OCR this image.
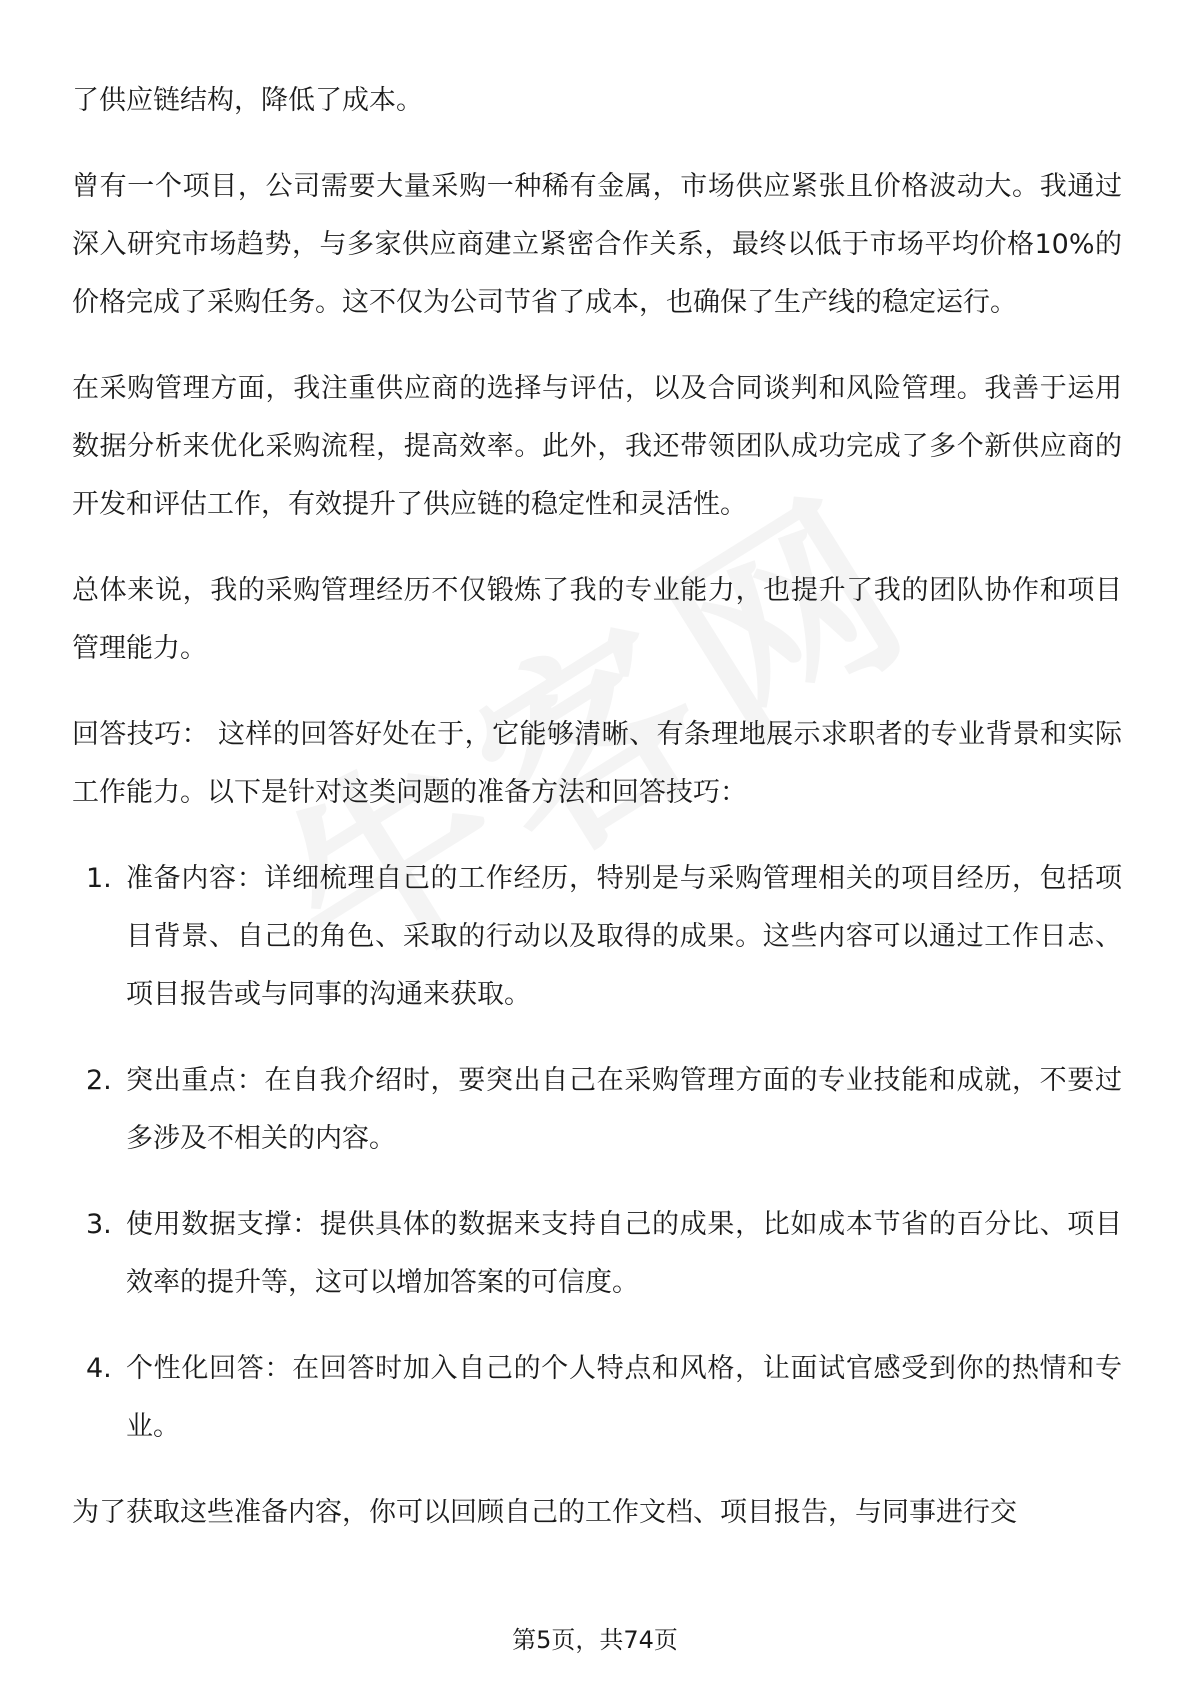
了供应链结构，降低了成本。

曾有一个项目，公司需要大量采购一种稀有金属，市场供应紧张且价格波动大。我通过深入研究市场趋势，与多家供应商建立紧密合作关系，最终以低于市场平均价格10%的价格完成了采购任务。这不仅为公司节省了成本，也确保了生产线的稳定运行。

在采购管理方面，我注重供应商的选择与评估，以及合同谈判和风险管理。我善于运用数据分析来优化采购流程，提高效率。此外，我还带领团队成功完成了多个新供应商的开发和评估工作，有效提升了供应链的稳定性和灵活性。

总体来说，我的采购管理经历不仅锻炼了我的专业能力，也提升了我的团队协作和项目管理能力。

回答技巧： 这样的回答好处在于，它能够清晰、有条理地展示求职者的专业背景和实际工作能力。以下是针对这类问题的准备方法和回答技巧：

1. 准备内容：详细梳理自己的工作经历，特别是与采购管理相关的项目经历，包括项目背景、自己的角色、采取的行动以及取得的成果。这些内容可以通过工作日志、项目报告或与同事的沟通来获取。
2. 突出重点：在自我介绍时，要突出自己在采购管理方面的专业技能和成就，不要过多涉及不相关的内容。
3. 使用数据支撑：提供具体的数据来支持自己的成果，比如成本节省的百分比、项目效率的提升等，这可以增加答案的可信度。
4. 个性化回答：在回答时加入自己的个人特点和风格，让面试官感受到你的热情和专业。

为了获取这些准备内容，你可以回顾自己的工作文档、项目报告，与同事进行交

第5页，共74页
